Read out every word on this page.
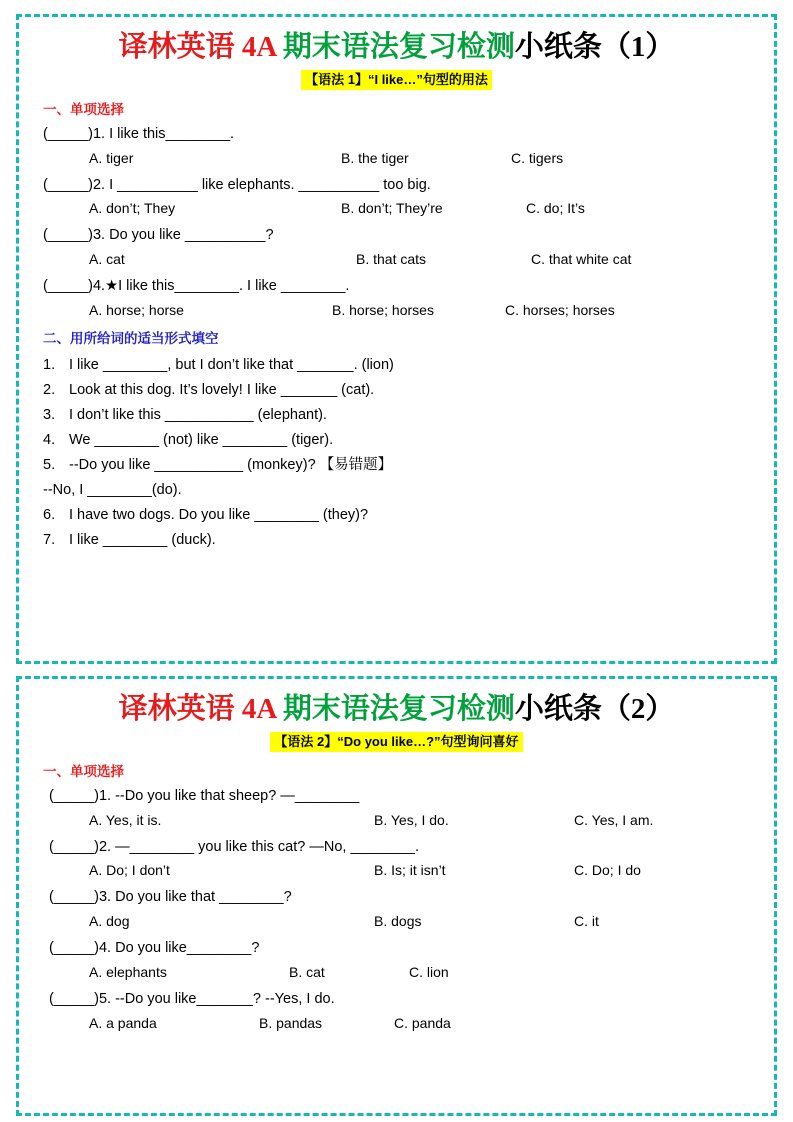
译林英语 4A 期末语法复习检测小纸条（1）
【语法 1】“I like…”句型的用法
一、单项选择
(_____)1. I like this________.
A. tiger	B. the tiger	C. tigers
(_____)2. I __________ like elephants. __________ too big.
A. don’t; They	B. don’t; They’re	C. do; It’s
(_____)3. Do you like __________?
A. cat	B. that cats	C. that white cat
(_____)4.★I like this________. I like ________.
A. horse; horse	B. horse; horses	C. horses; horses
二、用所给词的适当形式填空
1. I like ________, but I don’t like that _______. (lion)
2. Look at this dog. It’s lovely! I like _______ (cat).
3. I don’t like this ___________ (elephant).
4. We ________ (not) like ________ (tiger).
5. --Do you like ___________ (monkey)? 【易错题】
--No, I ________(do).
6. I have two dogs. Do you like ________ (they)?
7. I like ________ (duck).
译林英语 4A 期末语法复习检测小纸条（2）
【语法 2】“Do you like…?”句型询问喜好
一、单项选择
(_____)1. --Do you like that sheep? —________
A. Yes, it is.	B. Yes, I do.	C. Yes, I am.
(_____)2. —________ you like this cat? —No, ________.
A. Do; I don’t	B. Is; it isn’t	C. Do; I do
(_____)3. Do you like that ________?
A. dog	B. dogs	C. it
(_____)4. Do you like________?
A. elephants	B. cat	C. lion
(_____)5. --Do you like_______? --Yes, I do.
A. a panda	B. pandas	C. panda
